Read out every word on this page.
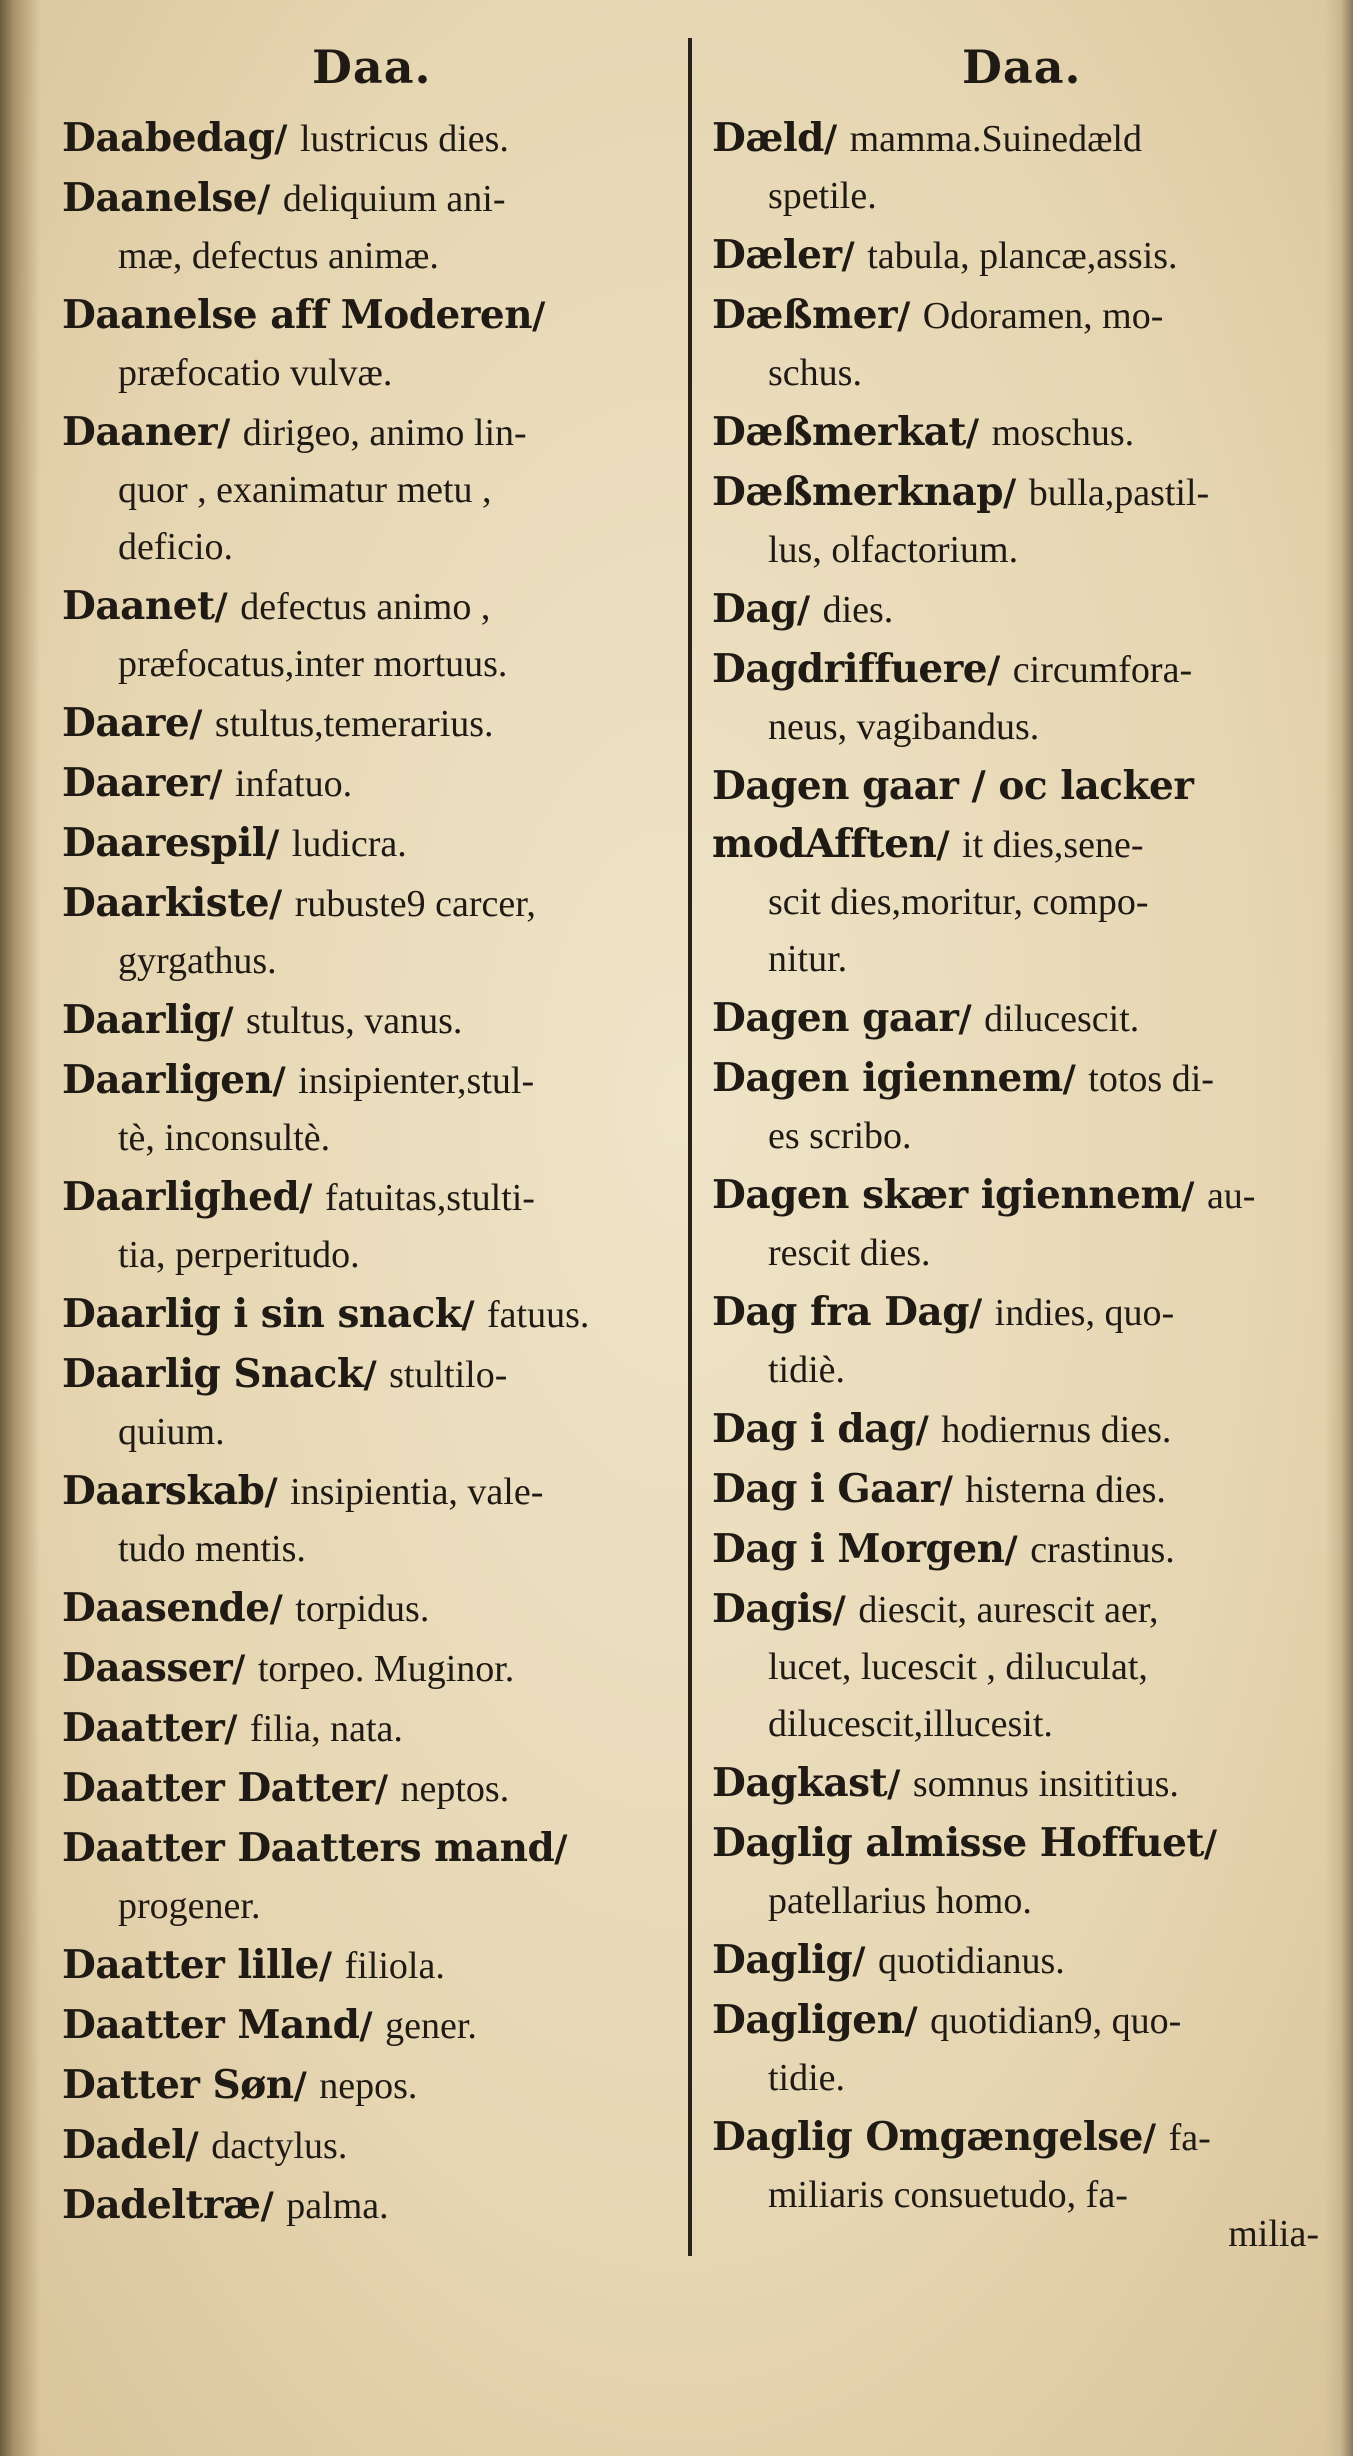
Daa.
Daabedag/ lustricus dies.
Daanelse/ deliquium ani-
mæ, defectus animæ.
Daanelse aff Moderen/
præfocatio vulvæ.
Daaner/ dirigeo, animo lin-
quor , exanimatur metu ,
deficio.
Daanet/ defectus animo ,
præfocatus,inter mortuus.
Daare/ stultus,temerarius.
Daarer/ infatuo.
Daarespil/ ludicra.
Daarkiste/ rubuste9 carcer,
gyrgathus.
Daarlig/ stultus, vanus.
Daarligen/ insipienter,stul-
tè, inconsultè.
Daarlighed/ fatuitas,stulti-
tia, perperitudo.
Daarlig i sin snack/ fatuus.
Daarlig Snack/ stultilo-
quium.
Daarskab/ insipientia, vale-
tudo mentis.
Daasende/ torpidus.
Daasser/ torpeo. Muginor.
Daatter/ filia, nata.
Daatter Datter/ neptos.
Daatter Daatters mand/
progener.
Daatter lille/ filiola.
Daatter Mand/ gener.
Datter Søn/ nepos.
Dadel/ dactylus.
Dadeltræ/ palma.
Daa.
Dæld/ mamma.Suinedæld
spetile.
Dæler/ tabula, plancæ,assis.
Dæßmer/ Odoramen, mo-
schus.
Dæßmerkat/ moschus.
Dæßmerknap/ bulla,pastil-
lus, olfactorium.
Dag/ dies.
Dagdriffuere/ circumfora-
neus, vagibandus.
Dagen gaar / oc lacker modAfften/ it dies,sene-
scit dies,moritur, compo-
nitur.
Dagen gaar/ dilucescit.
Dagen igiennem/ totos di-
es scribo.
Dagen skær igiennem/ au-
rescit dies.
Dag fra Dag/ indies, quo-
tidiè.
Dag i dag/ hodiernus dies.
Dag i Gaar/ histerna dies.
Dag i Morgen/ crastinus.
Dagis/ diescit, aurescit aer,
lucet, lucescit , diluculat,
dilucescit,illucesit.
Dagkast/ somnus insititius.
Daglig almisse Hoffuet/
patellarius homo.
Daglig/ quotidianus.
Dagligen/ quotidian9, quo-
tidie.
Daglig Omgængelse/ fa-
miliaris consuetudo, fa-
milia-
